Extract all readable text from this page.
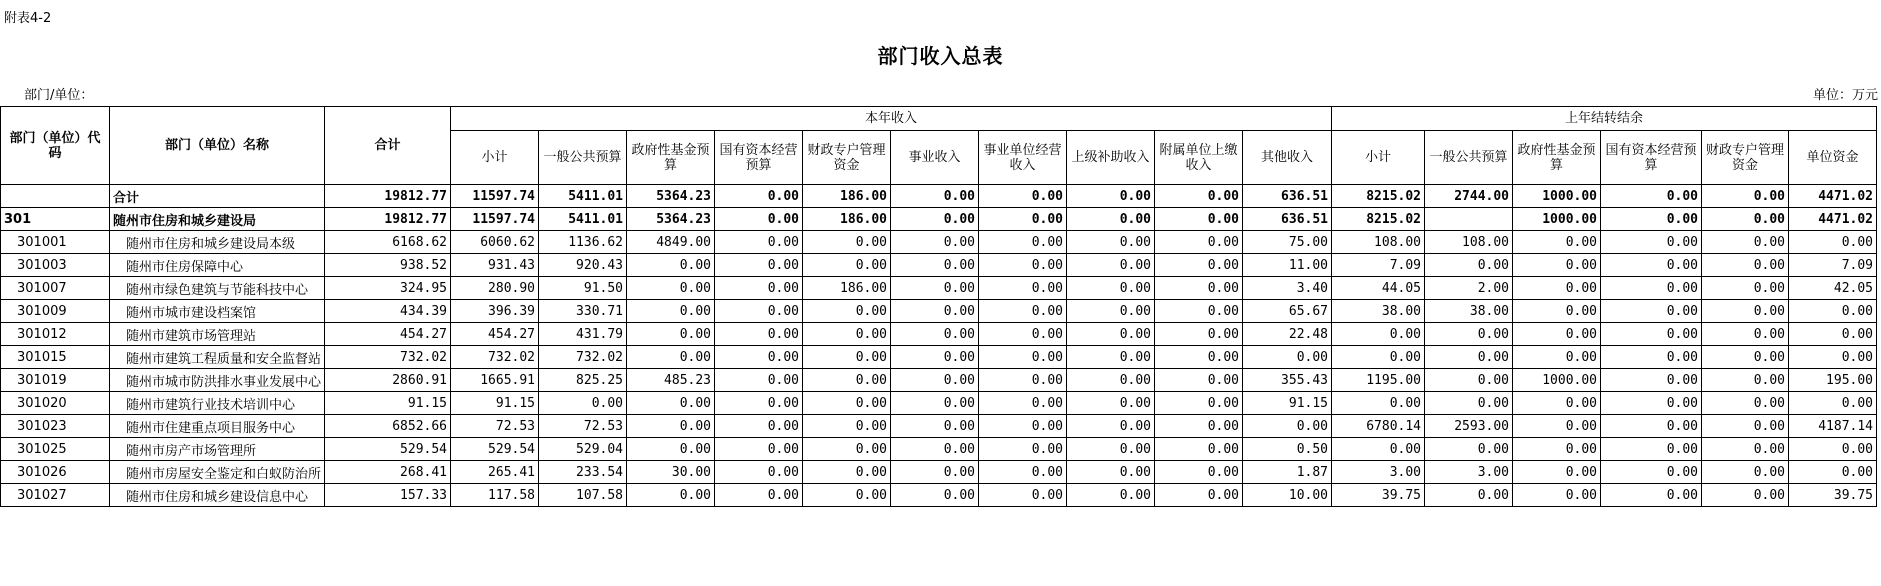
附表4-2
部门收入总表
部门/单位：	单位：万元
部门（单位）代码	部门（单位）名称	合计	本年收入										上年结转结余					
			小计	一般公共预算	政府性基金预算	国有资本经营预算	财政专户管理资金	事业收入	事业单位经营收入	上级补助收入	附属单位上缴收入	其他收入	小计	一般公共预算	政府性基金预算	国有资本经营预算	财政专户管理资金	单位资金
	合计	19812.77	11597.74	5411.01	5364.23	0.00	186.00	0.00	0.00	0.00	0.00	636.51	8215.02	2744.00	1000.00	0.00	0.00	4471.02
301	随州市住房和城乡建设局	19812.77	11597.74	5411.01	5364.23	0.00	186.00	0.00	0.00	0.00	0.00	636.51	8215.02		1000.00	0.00	0.00	4471.02
301001	随州市住房和城乡建设局本级	6168.62	6060.62	1136.62	4849.00	0.00	0.00	0.00	0.00	0.00	0.00	75.00	108.00	108.00	0.00	0.00	0.00	0.00
301003	随州市住房保障中心	938.52	931.43	920.43	0.00	0.00	0.00	0.00	0.00	0.00	0.00	11.00	7.09	0.00	0.00	0.00	0.00	7.09
301007	随州市绿色建筑与节能科技中心	324.95	280.90	91.50	0.00	0.00	186.00	0.00	0.00	0.00	0.00	3.40	44.05	2.00	0.00	0.00	0.00	42.05
301009	随州市城市建设档案馆	434.39	396.39	330.71	0.00	0.00	0.00	0.00	0.00	0.00	0.00	65.67	38.00	38.00	0.00	0.00	0.00	0.00
301012	随州市建筑市场管理站	454.27	454.27	431.79	0.00	0.00	0.00	0.00	0.00	0.00	0.00	22.48	0.00	0.00	0.00	0.00	0.00	0.00
301015	随州市建筑工程质量和安全监督站	732.02	732.02	732.02	0.00	0.00	0.00	0.00	0.00	0.00	0.00	0.00	0.00	0.00	0.00	0.00	0.00	0.00
301019	随州市城市防洪排水事业发展中心	2860.91	1665.91	825.25	485.23	0.00	0.00	0.00	0.00	0.00	0.00	355.43	1195.00	0.00	1000.00	0.00	0.00	195.00
301020	随州市建筑行业技术培训中心	91.15	91.15	0.00	0.00	0.00	0.00	0.00	0.00	0.00	0.00	91.15	0.00	0.00	0.00	0.00	0.00	0.00
301023	随州市住建重点项目服务中心	6852.66	72.53	72.53	0.00	0.00	0.00	0.00	0.00	0.00	0.00	0.00	6780.14	2593.00	0.00	0.00	0.00	4187.14
301025	随州市房产市场管理所	529.54	529.54	529.04	0.00	0.00	0.00	0.00	0.00	0.00	0.00	0.50	0.00	0.00	0.00	0.00	0.00	0.00
301026	随州市房屋安全鉴定和白蚁防治所	268.41	265.41	233.54	30.00	0.00	0.00	0.00	0.00	0.00	0.00	1.87	3.00	3.00	0.00	0.00	0.00	0.00
301027	随州市住房和城乡建设信息中心	157.33	117.58	107.58	0.00	0.00	0.00	0.00	0.00	0.00	0.00	10.00	39.75	0.00	0.00	0.00	0.00	39.75
